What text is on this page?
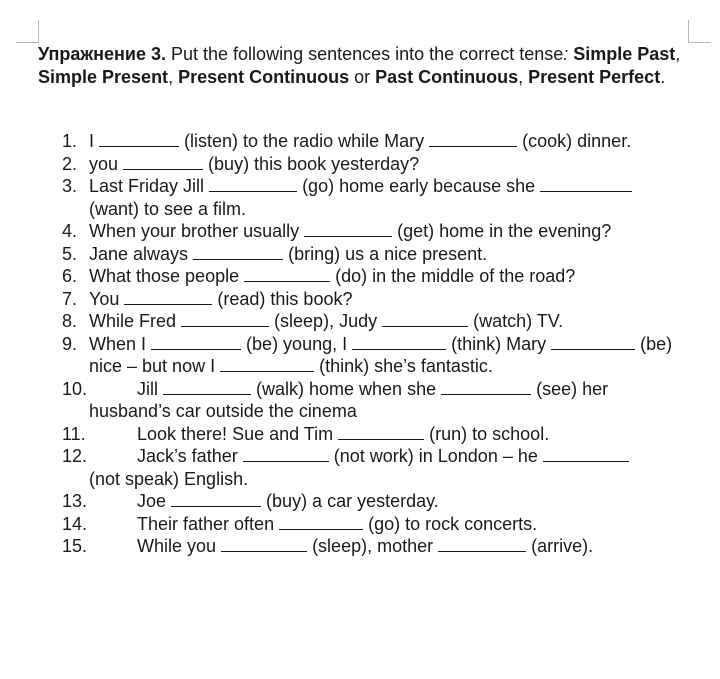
Упражнение 3. Put the following sentences into the correct tense: Simple Past, Simple Present, Present Continuous or Past Continuous, Present Perfect.
1. I	(listen) to the radio while Mary	(cook) dinner.
2. you	(buy) this book yesterday?
3. Last Friday Jill	(go) home early because she
(want) to see a film.
4. When your brother usually	(get) home in the evening?
5. Jane always	(bring) us a nice present.
6. What those people	(do) in the middle of the road?
7. You	(read) this book?
8. While Fred	(sleep), Judy	(watch) TV.
9. When I	(be) young, I	(think) Mary	(be)
nice – but now I	(think) she’s fantastic.
10.	Jill	(walk) home when she	(see) her
husband’s car outside the cinema
11.	Look there! Sue and Tim	(run) to school.
12.	Jack’s father	(not work) in London – he
(not speak) English.
13.	Joe	(buy) a car yesterday.
14.	Their father often	(go) to rock concerts.
15.	While you	(sleep), mother	(arrive).
